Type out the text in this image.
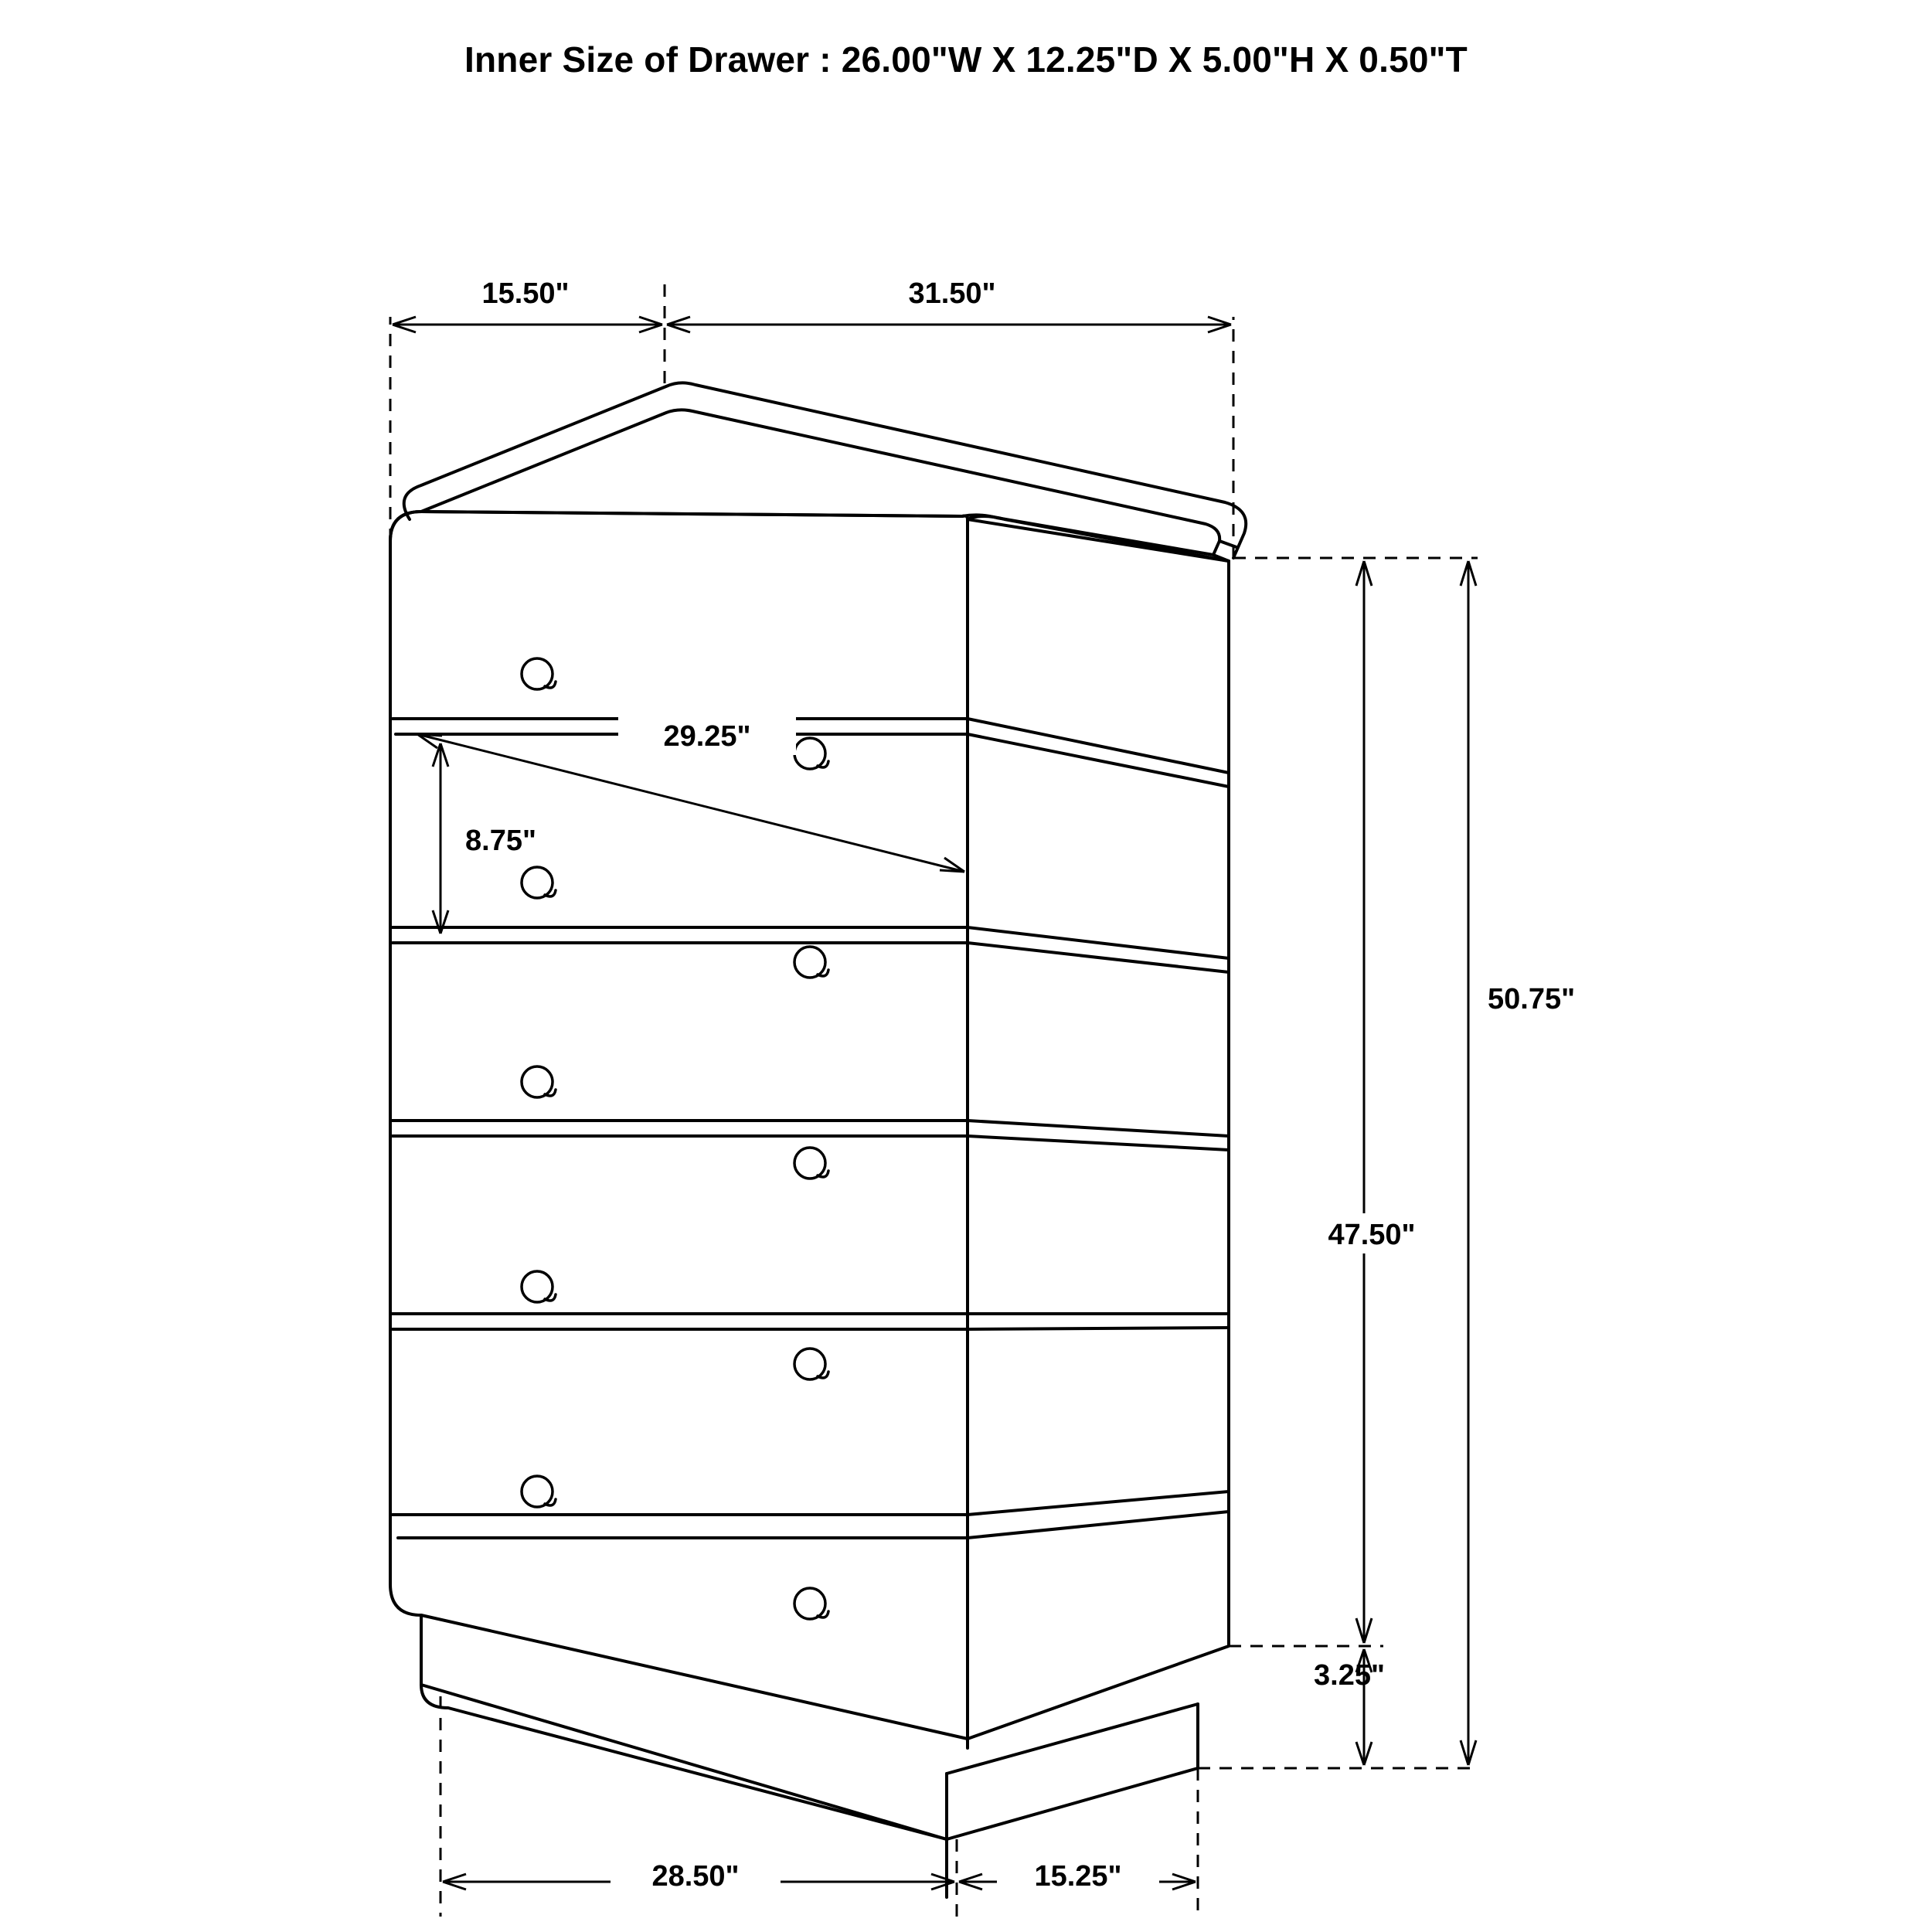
Inner Size of Drawer : 26.00"W X 12.25"D X 5.00"H X 0.50"T
15.50"	31.50"
29.25"
8.75"
50.75"
47.50"
3.25"
28.50"	15.25"
